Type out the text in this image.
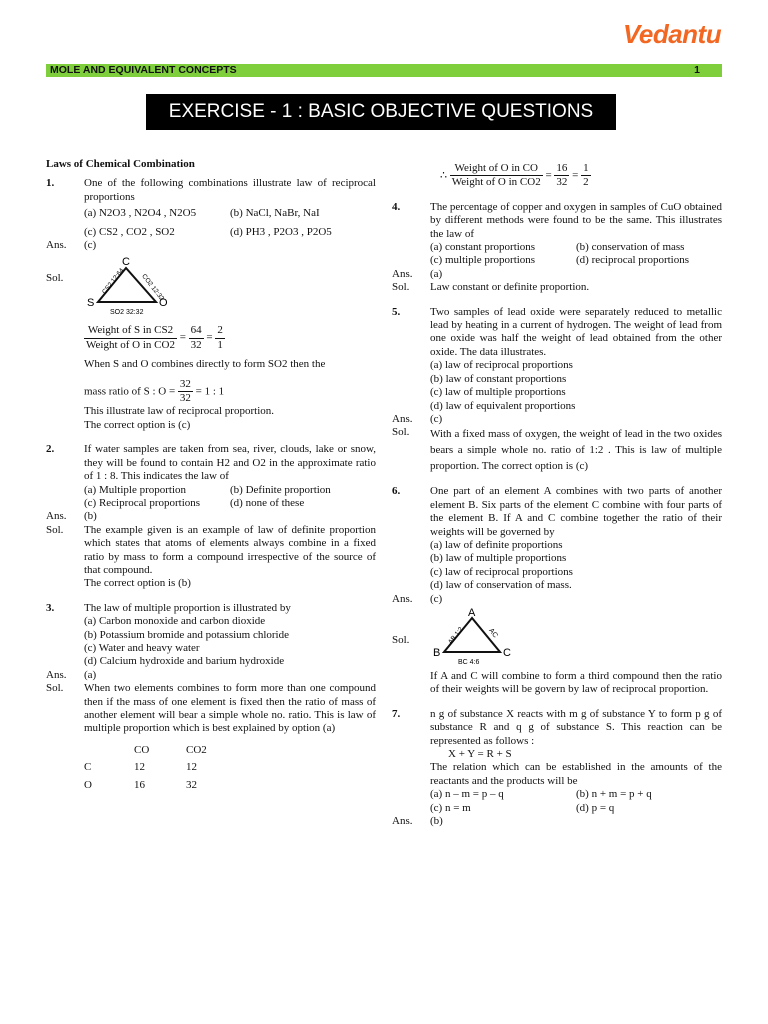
Vedantu
MOLE AND EQUIVALENT CONCEPTS	1
EXERCISE - 1 : BASIC OBJECTIVE QUESTIONS
Laws of Chemical Combination
1.	One of the following combinations illustrate law of reciprocal proportions
(a) N2O3 , N2O4 , N2O5	(b) NaCl, NaBr, NaI
(c) CS2 , CO2 , SO2	(d) PH3 , P2O3 , P2O5
Ans. (c)
Sol.
C
S	O
CS2 12:64 CO2 12:32
SO2 32:32
$\frac{\text{Weight of S in CS2}}{\text{Weight of O in CO2}} = \frac{64}{32} = \frac{2}{1}$
When S and O combines directly to form SO2 then the
mass ratio of S : $O = \frac{32}{32} = 1$ : 1
This illustrate law of reciprocal proportion.
The correct option is (c)
2.	If water samples are taken from sea, river, clouds, lake or snow, they will be found to contain H2 and O2 in the approximate ratio of 1 : 8. This indicates the law of
(a) Multiple proportion	(b) Definite proportion
(c) Reciprocal proportions	(d) none of these
Ans. (b)
Sol. The example given is an example of law of definite proportion which states that atoms of elements always combine in a fixed ratio by mass to form a compound irrespective of the source of that compound.
The correct option is (b)
3.	The law of multiple proportion is illustrated by
(a) Carbon monoxide and carbon dioxide
(b) Potassium bromide and potassium chloride
(c) Water and heavy water
(d) Calcium hydroxide and barium hydroxide
Ans. (a)
Sol. When two elements combines to form more than one compound then if the mass of one element is fixed then the ratio of mass of another element will bear a simple whole no. ratio. This is law of multiple proportion which is best explained by option (a)
	CO	CO2
C	12	12
O	16	32
∴ $\frac{\text{Weight of O in CO}}{\text{Weight of O in CO2}} = \frac{16}{32} = \frac{1}{2}$
4.	The percentage of copper and oxygen in samples of CuO obtained by different methods were found to be the same. This illustrates the law of
(a) constant proportions	(b) conservation of mass
(c) multiple proportions	(d) reciprocal proportions
Ans. (a)
Sol. Law constant or definite proportion.
5.	Two samples of lead oxide were separately reduced to metallic lead by heating in a current of hydrogen. The weight of lead from one oxide was half the weight of lead obtained from the other oxide. The data illustrates.
(a) law of reciprocal proportions
(b) law of constant proportions
(c) law of multiple proportions
(d) law of equivalent proportions
Ans. (c)
Sol. With a fixed mass of oxygen, the weight of lead in the two oxides bears a simple whole no. ratio of 1:2 . This is law of multiple proportion. The correct option is (c)
6.	One part of an element A combines with two parts of another element B. Six parts of the element C combine with four parts of the element B. If A and C combine together the ratio of their weights will be governed by
(a) law of definite proportions
(b) law of multiple proportions
(c) law of reciprocal proportions
(d) law of conservation of mass.
Ans. (c)
Sol.
A
B	C
AB 1:2	AC
BC 4:6
If A and C will combine to form a third compound then the ratio of their weights will be govern by law of reciprocal proportion.
7.	n g of substance X reacts with m g of substance Y to form p g of substance R and q g of substance S. This reaction can be represented as follows :
X + Y = R + S
The relation which can be established in the amounts of the reactants and the products will be
(a) n – m = p – q	(b) n + m = p + q
(c) n = m	(d) p = q
Ans. (b)
